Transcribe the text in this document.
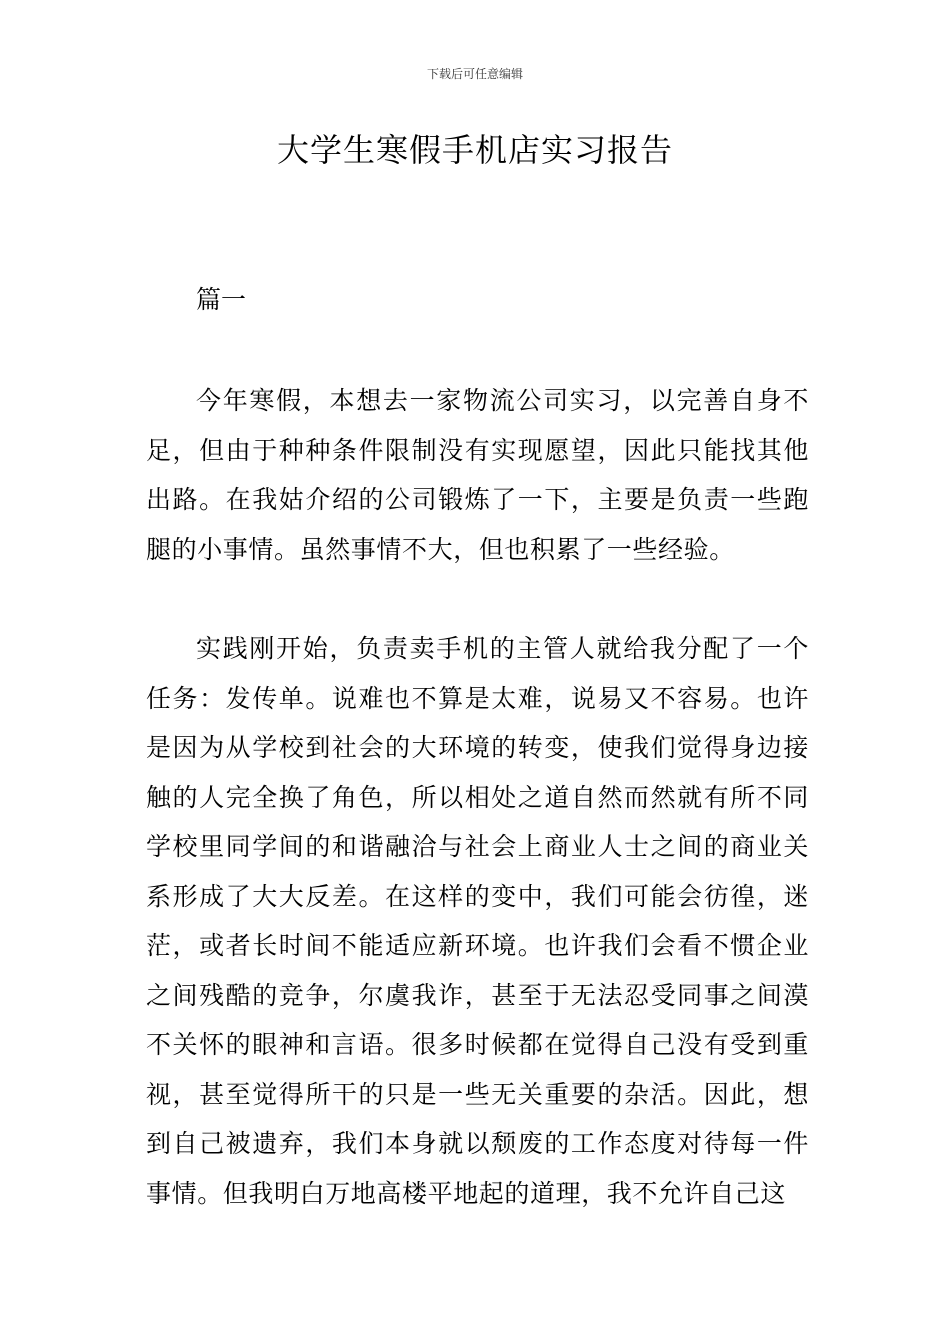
下载后可任意编辑
大学生寒假手机店实习报告
篇一

今年寒假，本想去一家物流公司实习，以完善自身不足，但由于种种条件限制没有实现愿望，因此只能找其他出路。在我姑介绍的公司锻炼了一下，主要是负责一些跑腿的小事情。虽然事情不大，但也积累了一些经验。

实践刚开始，负责卖手机的主管人就给我分配了一个任务：发传单。说难也不算是太难，说易又不容易。也许是因为从学校到社会的大环境的转变，使我们觉得身边接触的人完全换了角色，所以相处之道自然而然就有所不同学校里同学间的和谐融洽与社会上商业人士之间的商业关系形成了大大反差。在这样的变中，我们可能会彷徨，迷茫，或者长时间不能适应新环境。也许我们会看不惯企业之间残酷的竞争，尔虞我诈，甚至于无法忍受同事之间漠不关怀的眼神和言语。很多时候都在觉得自己没有受到重视，甚至觉得所干的只是一些无关重要的杂活。因此，想到自己被遗弃，我们本身就以颓废的工作态度对待每一件事情。但我明白万地高楼平地起的道理，我不允许自己这
